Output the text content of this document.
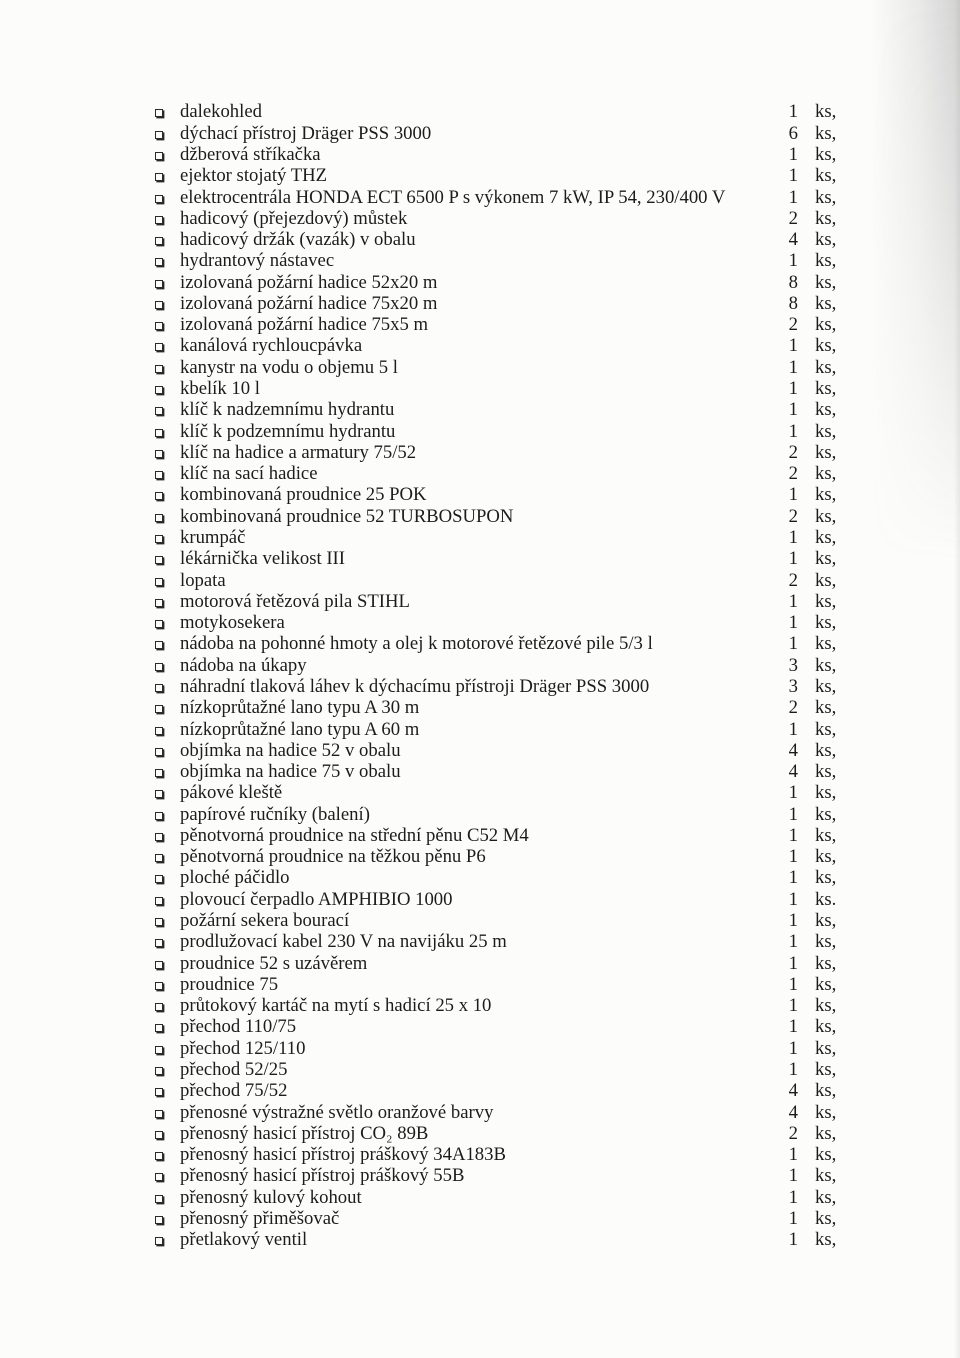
dalekohled	1 ks,
dýchací přístroj Dräger PSS 3000	6 ks,
džberová stříkačka	1 ks,
ejektor stojatý THZ	1 ks,
elektrocentrála HONDA ECT 6500 P s výkonem 7 kW, IP 54, 230/400 V	1 ks,
hadicový (přejezdový) můstek	2 ks,
hadicový držák (vazák) v obalu	4 ks,
hydrantový nástavec	1 ks,
izolovaná požární hadice 52x20 m	8 ks,
izolovaná požární hadice 75x20 m	8 ks,
izolovaná požární hadice 75x5 m	2 ks,
kanálová rychloucpávka	1 ks,
kanystr na vodu o objemu 5 l	1 ks,
kbelík 10 l	1 ks,
klíč k nadzemnímu hydrantu	1 ks,
klíč k podzemnímu hydrantu	1 ks,
klíč na hadice a armatury 75/52	2 ks,
klíč na sací hadice	2 ks,
kombinovaná proudnice 25 POK	1 ks,
kombinovaná proudnice 52 TURBOSUPON	2 ks,
krumpáč	1 ks,
lékárnička velikost III	1 ks,
lopata	2 ks,
motorová řetězová pila STIHL	1 ks,
motykosekera	1 ks,
nádoba na pohonné hmoty a olej k motorové řetězové pile 5/3 l	1 ks,
nádoba na úkapy	3 ks,
náhradní tlaková láhev k dýchacímu přístroji Dräger PSS 3000	3 ks,
nízkoprůtažné lano typu A 30 m	2 ks,
nízkoprůtažné lano typu A 60 m	1 ks,
objímka na hadice 52 v obalu	4 ks,
objímka na hadice 75 v obalu	4 ks,
pákové kleště	1 ks,
papírové ručníky (balení)	1 ks,
pěnotvorná proudnice na střední pěnu C52 M4	1 ks,
pěnotvorná proudnice na těžkou pěnu P6	1 ks,
ploché páčidlo	1 ks,
plovoucí čerpadlo AMPHIBIO 1000	1 ks.
požární sekera bourací	1 ks,
prodlužovací kabel 230 V na navijáku 25 m	1 ks,
proudnice 52 s uzávěrem	1 ks,
proudnice 75	1 ks,
průtokový kartáč na mytí s hadicí 25 x 10	1 ks,
přechod 110/75	1 ks,
přechod 125/110	1 ks,
přechod 52/25	1 ks,
přechod 75/52	4 ks,
přenosné výstražné světlo oranžové barvy	4 ks,
přenosný hasicí přístroj CO₂ 89B	2 ks,
přenosný hasicí přístroj práškový 34A183B	1 ks,
přenosný hasicí přístroj práškový 55B	1 ks,
přenosný kulový kohout	1 ks,
přenosný přiměšovač	1 ks,
přetlakový ventil	1 ks,
